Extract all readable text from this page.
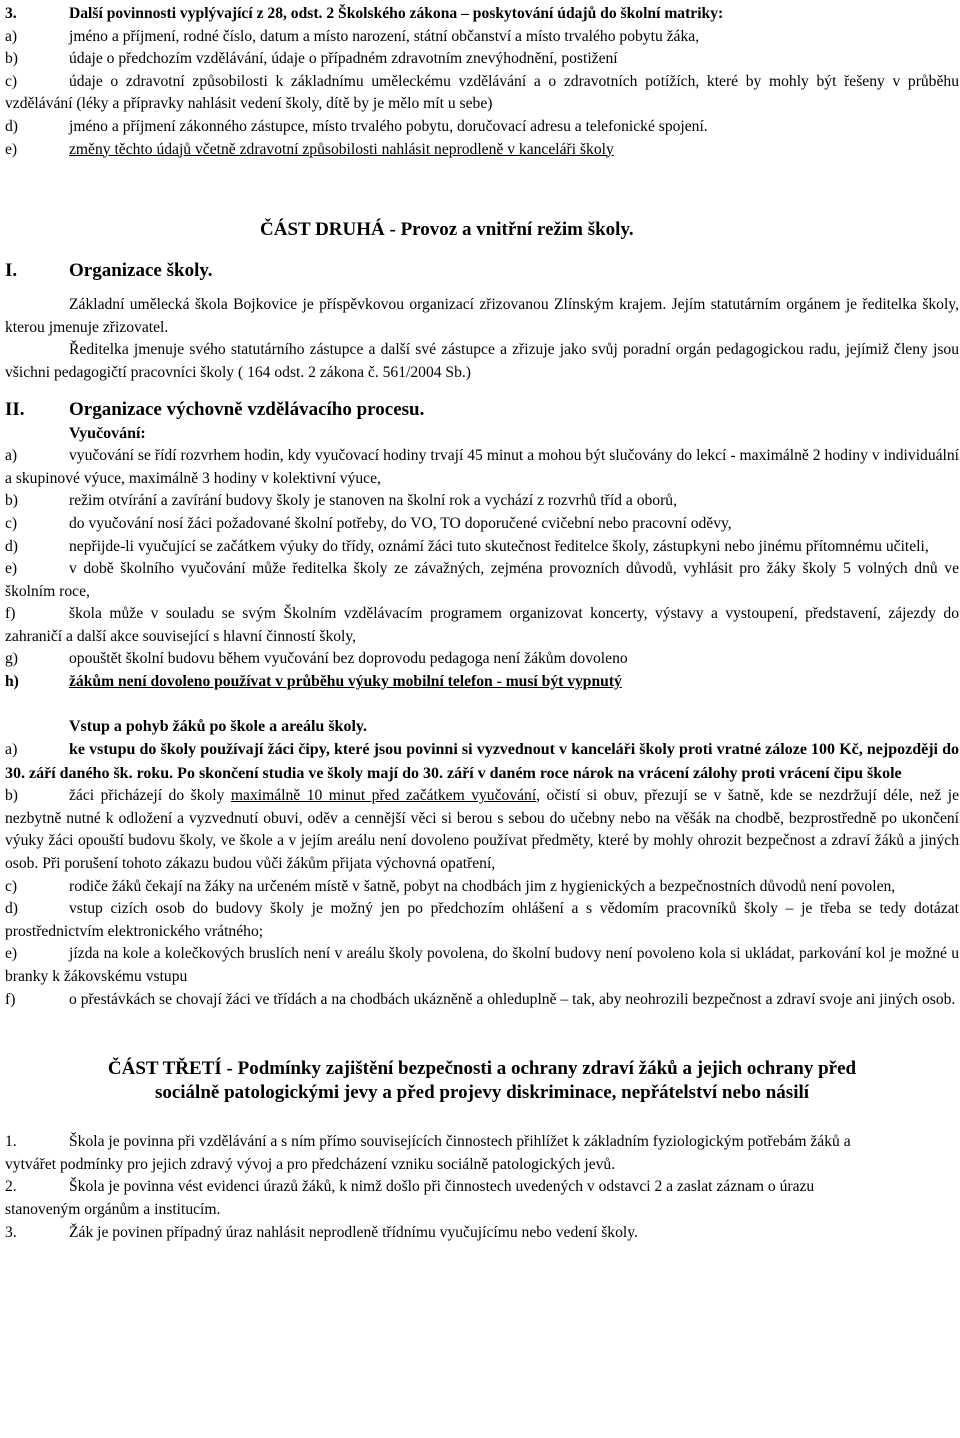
3.	Další povinnosti vyplývající z 28, odst. 2 Školského zákona – poskytování údajů do školní matriky:

a)	jméno a příjmení, rodné číslo, datum a místo narození, státní občanství a místo trvalého pobytu žáka,

b)	údaje o předchozím vzdělávání, údaje o případném zdravotním znevýhodnění, postižení

c)	údaje o zdravotní způsobilosti k základnímu uměleckému vzdělávání a o zdravotních potížích, které by mohly být řešeny v průběhu vzdělávání (léky a přípravky nahlásit vedení školy, dítě by je mělo mít u sebe)

d)	jméno a příjmení zákonného zástupce, místo trvalého pobytu, doručovací adresu a telefonické spojení.

e)	změny těchto údajů včetně zdravotní způsobilosti nahlásit neprodleně v kanceláři školy

ČÁST DRUHÁ - Provoz a vnitřní režim školy.

I.	Organizace školy.

Základní umělecká škola Bojkovice je příspěvkovou organizací zřizovanou Zlínským krajem. Jejím statutárním orgánem je ředitelka školy, kterou jmenuje zřizovatel.

Ředitelka jmenuje svého statutárního zástupce a další své zástupce a zřizuje jako svůj poradní orgán pedagogickou radu, jejímiž členy jsou všichni pedagogičtí pracovníci školy ( 164 odst. 2 zákona č. 561/2004 Sb.)

II. Organizace výchovně vzdělávacího procesu.

Vyučování:

a)	vyučování se řídí rozvrhem hodin, kdy vyučovací hodiny trvají 45 minut a mohou být slučovány do lekcí - maximálně 2 hodiny v individuální a skupinové výuce, maximálně 3 hodiny v kolektivní výuce,

b)	režim otvírání a zavírání budovy školy je stanoven na školní rok a vychází z rozvrhů tříd a oborů,

c)	do vyučování nosí žáci požadované školní potřeby, do VO, TO doporučené cvičební nebo pracovní oděvy,

d)	nepřijde-li vyučující se začátkem výuky do třídy, oznámí žáci tuto skutečnost ředitelce školy, zástupkyni nebo jinému přítomnému učiteli,

e)	v době školního vyučování může ředitelka školy ze závažných, zejména provozních důvodů, vyhlásit pro žáky školy 5 volných dnů ve školním roce,

f)	škola může v souladu se svým Školním vzdělávacím programem organizovat koncerty, výstavy a vystoupení, představení, zájezdy do zahraničí a další akce související s hlavní činností školy,

g)	opouštět školní budovu během vyučování bez doprovodu pedagoga není žákům dovoleno

h)	žákům není dovoleno používat v průběhu výuky mobilní telefon - musí být vypnutý

Vstup a pohyb žáků po škole a areálu školy.

a)	ke vstupu do školy používají žáci čipy, které jsou povinni si vyzvednout v kanceláři školy proti vratné záloze 100 Kč, nejpozději do 30. září daného šk. roku. Po skončení studia ve školy mají do 30. září v daném roce nárok na vrácení zálohy proti vrácení čipu škole

b)	žáci přicházejí do školy maximálně 10 minut před začátkem vyučování, očistí si obuv, přezují se v šatně, kde se nezdržují déle, než je nezbytně nutné k odložení a vyzvednutí obuvi, oděv a cennější věci si berou s sebou do učebny nebo na věšák na chodbě, bezprostředně po ukončení výuky žáci opouští budovu školy, ve škole a v jejím areálu není dovoleno používat předměty, které by mohly ohrozit bezpečnost a zdraví žáků a jiných osob. Při porušení tohoto zákazu budou vůči žákům přijata výchovná opatření,

c)	rodiče žáků čekají na žáky na určeném místě v šatně, pobyt na chodbách jim z hygienických a bezpečnostních důvodů není povolen,

d)	vstup cizích osob do budovy školy je možný jen po předchozím ohlášení a s vědomím pracovníků školy – je třeba se tedy dotázat prostřednictvím elektronického vrátného;

e)	jízda na kole a kolečkových bruslích není v areálu školy povolena, do školní budovy není povoleno kola si ukládat, parkování kol je možné u branky k žákovskému vstupu

f)	o přestávkách se chovají žáci ve třídách a na chodbách ukázněně a ohleduplně – tak, aby neohrozili bezpečnost a zdraví svoje ani jiných osob.

ČÁST TŘETÍ - Podmínky zajištění bezpečnosti a ochrany zdraví žáků a jejich ochrany před

sociálně patologickými jevy a před projevy diskriminace, nepřátelství nebo násilí

1.	Škola je povinna při vzdělávání a s ním přímo souvisejících činnostech přihlížet k základním fyziologickým potřebám žáků a vytvářet podmínky pro jejich zdravý vývoj a pro předcházení vzniku sociálně patologických jevů.

2.	Škola je povinna vést evidenci úrazů žáků, k nimž došlo při činnostech uvedených v odstavci 2 a zaslat záznam o úrazu stanoveným orgánům a institucím.

3.	Žák je povinen případný úraz nahlásit neprodleně třídnímu vyučujícímu nebo vedení školy.
